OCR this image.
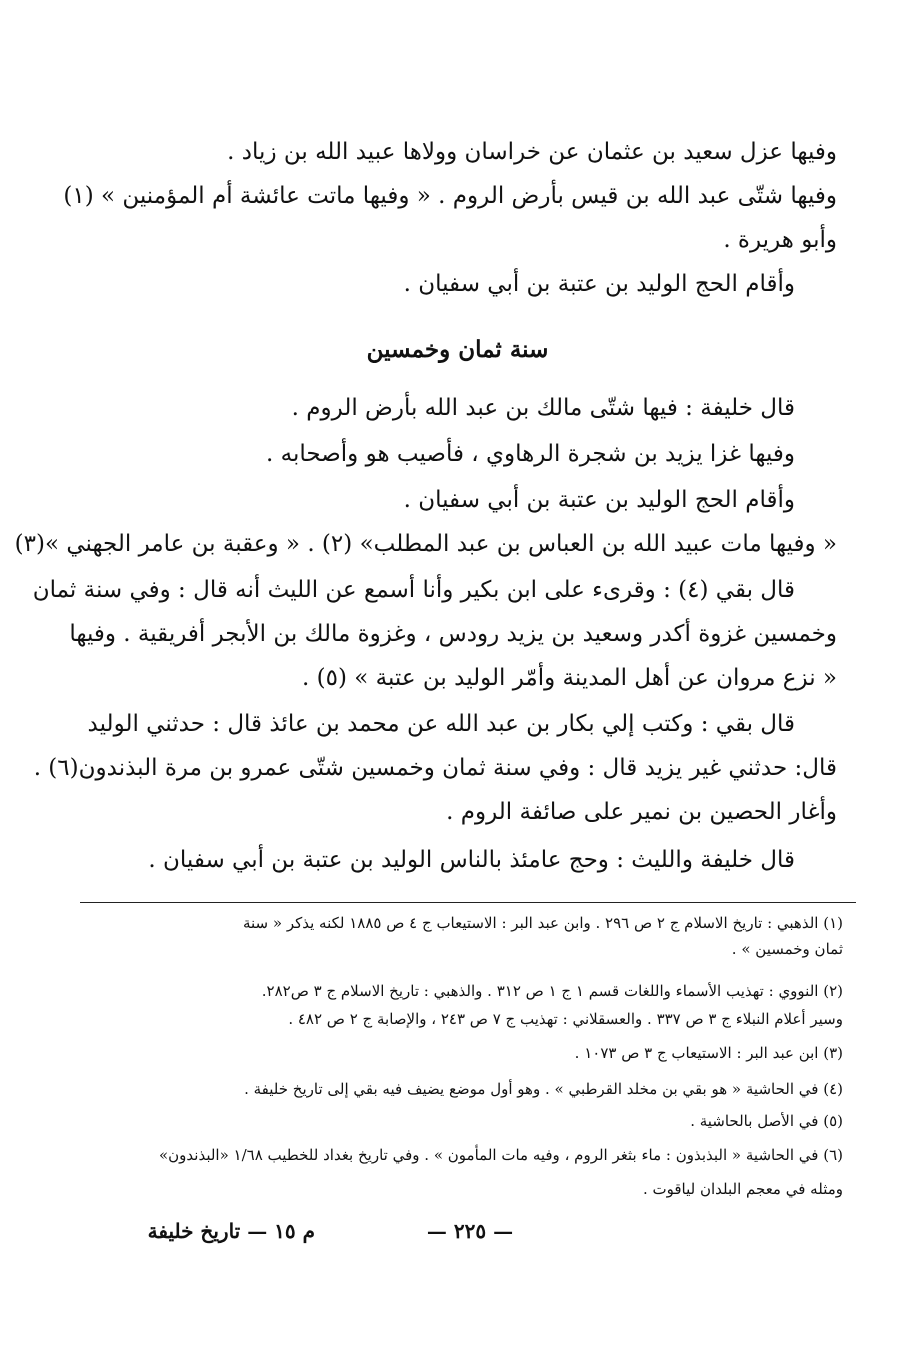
وفيها عزل سعيد بن عثمان عن خراسان وولاها عبيد الله بن زياد .
وفيها شتّى عبد الله بن قيس بأرض الروم . « وفيها ماتت عائشة أم المؤمنين » (١)
وأبو هريرة .
وأقام الحج الوليد بن عتبة بن أبي سفيان .
سنة ثمان وخمسين
قال خليفة : فيها شتّى مالك بن عبد الله بأرض الروم .
وفيها غزا يزيد بن شجرة الرهاوي ، فأصيب هو وأصحابه .
وأقام الحج الوليد بن عتبة بن أبي سفيان .
« وفيها مات عبيد الله بن العباس بن عبد المطلب» (٢) . « وعقبة بن عامر الجهني »(٣)
قال بقي (٤) : وقرىء على ابن بكير وأنا أسمع عن الليث أنه قال : وفي سنة ثمان
وخمسين غزوة أكدر وسعيد بن يزيد رودس ، وغزوة مالك بن الأبجر أفريقية . وفيها
« نزع مروان عن أهل المدينة وأمّر الوليد بن عتبة » (٥) .
قال بقي : وكتب إلي بكار بن عبد الله عن محمد بن عائذ قال : حدثني الوليد
قال: حدثني غير يزيد قال : وفي سنة ثمان وخمسين شتّى عمرو بن مرة البذندون(٦) .
وأغار الحصين بن نمير على صائفة الروم .
قال خليفة والليث : وحج عامئذ بالناس الوليد بن عتبة بن أبي سفيان .
(١) الذهبي : تاريخ الاسلام ج ٢ ص ٢٩٦ . وابن عبد البر : الاستيعاب ج ٤ ص ١٨٨٥ لكنه يذكر « سنة
ثمان وخمسين » .
(٢) النووي : تهذيب الأسماء واللغات قسم ١ ج ١ ص ٣١٢ . والذهبي : تاريخ الاسلام ج ٣ ص٢٨٢.
وسير أعلام النبلاء ج ٣ ص ٣٣٧ . والعسقلاني : تهذيب ج ٧ ص ٢٤٣ ، والإصابة ج ٢ ص ٤٨٢ .
(٣) ابن عبد البر : الاستيعاب ج ٣ ص ١٠٧٣ .
(٤) في الحاشية « هو بقي بن مخلد القرطبي » . وهو أول موضع يضيف فيه بقي إلى تاريخ خليفة .
(٥) في الأصل بالحاشية .
(٦) في الحاشية « البذبذون : ماء بثغر الروم ، وفيه مات المأمون » . وفي تاريخ بغداد للخطيب ١/٦٨ «البذندون»
ومثله في معجم البلدان لياقوت .
— ٢٢٥ —
م ١٥ — تاريخ خليفة
